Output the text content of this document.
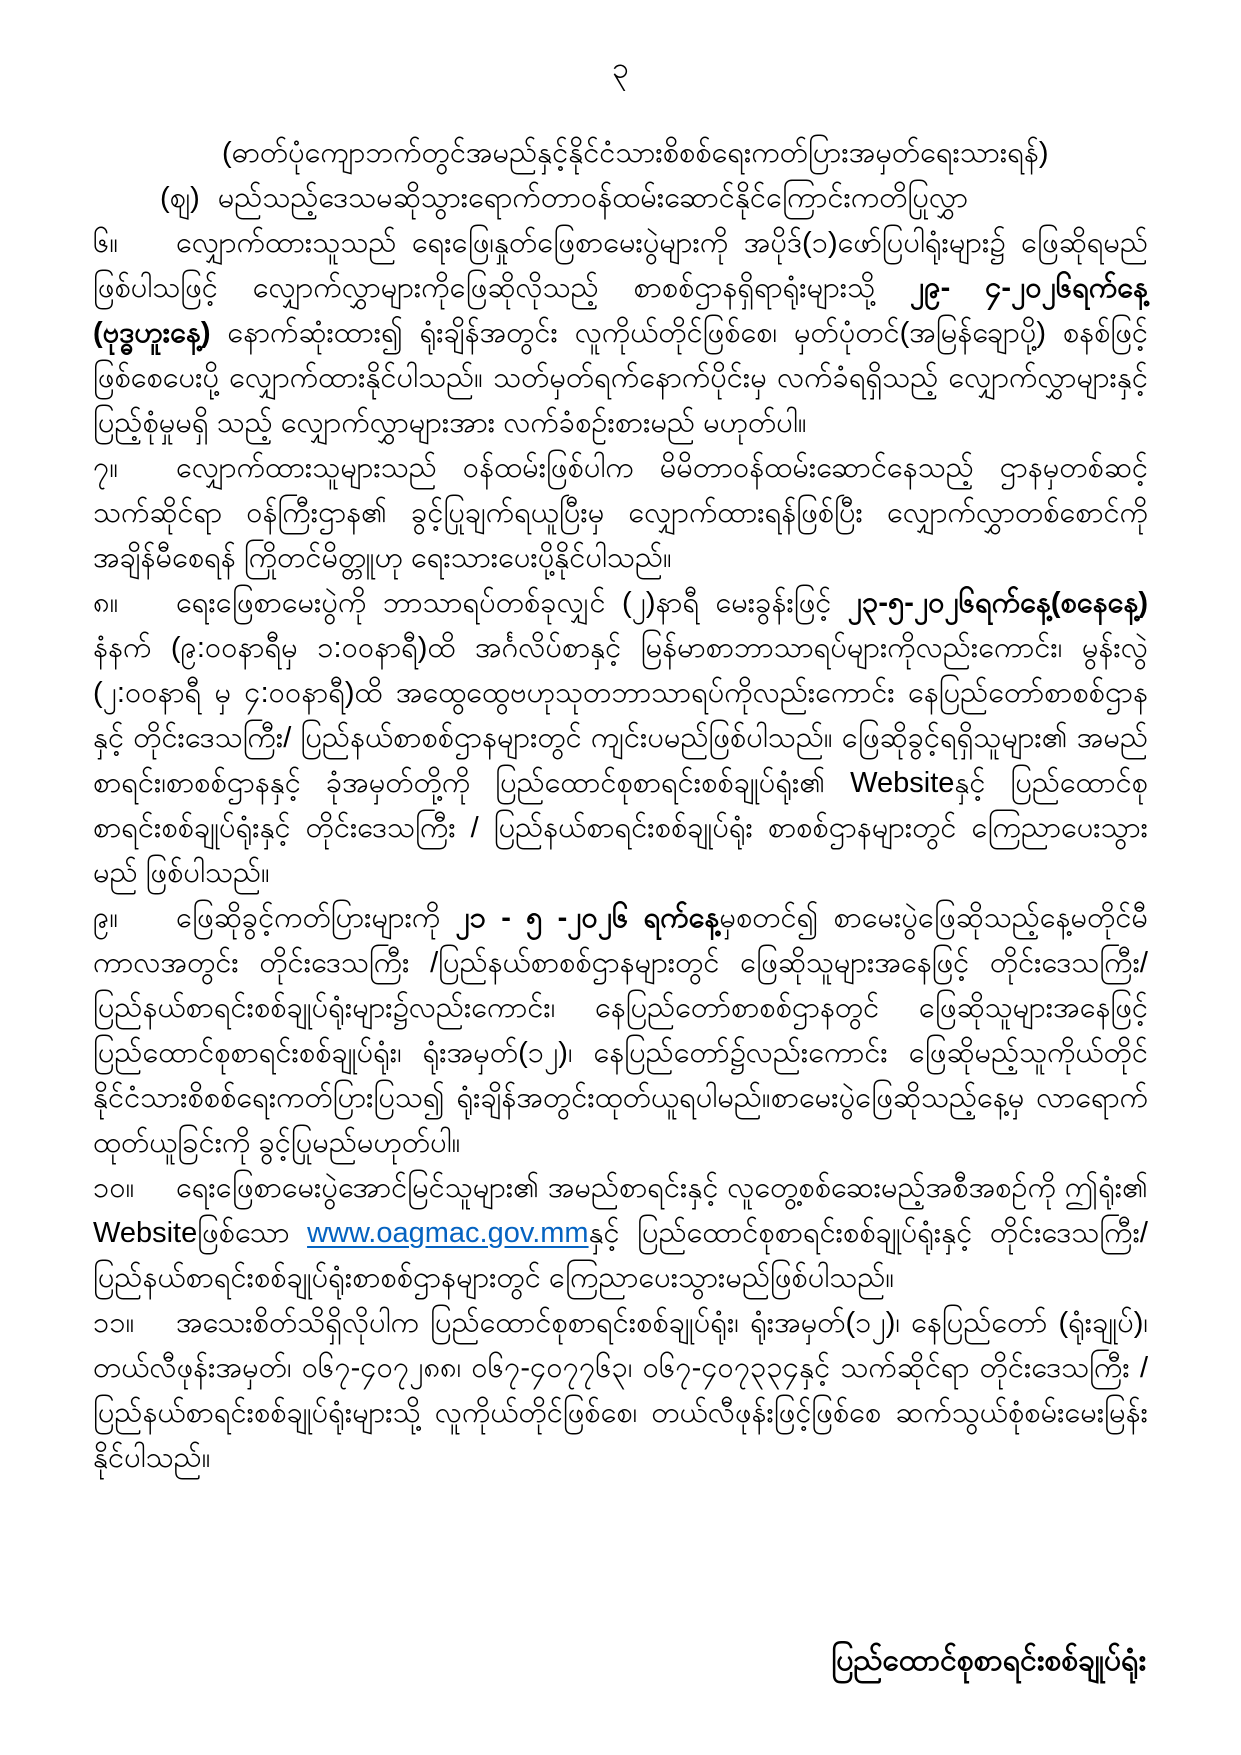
၃

(ဓာတ်ပုံကျောဘက်တွင်အမည်နှင့်နိုင်ငံသားစိစစ်ရေးကတ်ပြားအမှတ်ရေးသားရန်)

(ဈ) မည်သည့်ဒေသမဆိုသွားရောက်တာဝန်ထမ်းဆောင်နိုင်ကြောင်းကတိပြုလွှာ

၆။ လျှောက်ထားသူသည် ရေးဖြေ၊နှုတ်ဖြေစာမေးပွဲများကို အပိုဒ်(၁)ဖော်ပြပါရုံးများ၌ ဖြေဆိုရမည် ဖြစ်ပါသဖြင့် လျှောက်လွှာများကိုဖြေဆိုလိုသည့် စာစစ်ဌာနရှိရာရုံးများသို့ ၂၉- ၄-၂၀၂၆ရက်နေ့ (ဗုဒ္ဓဟူးနေ့) နောက်ဆုံးထား၍ ရုံးချိန်အတွင်း လူကိုယ်တိုင်ဖြစ်စေ၊ မှတ်ပုံတင်(အမြန်ချောပို့) စနစ်ဖြင့် ဖြစ်စေပေးပို့ လျှောက်ထားနိုင်ပါသည်။ သတ်မှတ်ရက်နောက်ပိုင်းမှ လက်ခံရရှိသည့် လျှောက်လွှာများနှင့် ပြည့်စုံမှုမရှိ သည့် လျှောက်လွှာများအား လက်ခံစဉ်းစားမည် မဟုတ်ပါ။

၇။ လျှောက်ထားသူများသည် ဝန်ထမ်းဖြစ်ပါက မိမိတာဝန်ထမ်းဆောင်နေသည့် ဌာနမှတစ်ဆင့် သက်ဆိုင်ရာ ဝန်ကြီးဌာန၏ ခွင့်ပြုချက်ရယူပြီးမှ လျှောက်ထားရန်ဖြစ်ပြီး လျှောက်လွှာတစ်စောင်ကို အချိန်မီစေရန် ကြိုတင်မိတ္တူဟု ရေးသားပေးပို့နိုင်ပါသည်။

၈။ ရေးဖြေစာမေးပွဲကို ဘာသာရပ်တစ်ခုလျှင် (၂)နာရီ မေးခွန်းဖြင့် ၂၃-၅-၂၀၂၆ရက်နေ့(စနေနေ့) နံနက် (၉:၀၀နာရီမှ ၁:၀၀နာရီ)ထိ အင်္ဂလိပ်စာနှင့် မြန်မာစာဘာသာရပ်များကိုလည်းကောင်း၊ မွန်းလွဲ (၂:၀၀နာရီ မှ ၄:၀၀နာရီ)ထိ အထွေထွေဗဟုသုတဘာသာရပ်ကိုလည်းကောင်း နေပြည်တော်စာစစ်ဌာနနှင့် တိုင်းဒေသကြီး/ ပြည်နယ်စာစစ်ဌာနများတွင် ကျင်းပမည်ဖြစ်ပါသည်။ ဖြေဆိုခွင့်ရရှိသူများ၏ အမည် စာရင်း၊စာစစ်ဌာနနှင့် ခုံအမှတ်တို့ကို ပြည်ထောင်စုစာရင်းစစ်ချုပ်ရုံး၏ Websiteနှင့် ပြည်ထောင်စု စာရင်းစစ်ချုပ်ရုံးနှင့် တိုင်းဒေသကြီး / ပြည်နယ်စာရင်းစစ်ချုပ်ရုံး စာစစ်ဌာနများတွင် ကြေညာပေးသွားမည် ဖြစ်ပါသည်။

၉။ ဖြေဆိုခွင့်ကတ်ပြားများကို ၂၁ - ၅ -၂၀၂၆ ရက်နေ့မှစတင်၍ စာမေးပွဲဖြေဆိုသည့်နေ့မတိုင်မီ ကာလအတွင်း တိုင်းဒေသကြီး /ပြည်နယ်စာစစ်ဌာနများတွင် ဖြေဆိုသူများအနေဖြင့် တိုင်းဒေသကြီး/ ပြည်နယ်စာရင်းစစ်ချုပ်ရုံးများ၌လည်းကောင်း၊ နေပြည်တော်စာစစ်ဌာနတွင် ဖြေဆိုသူများအနေဖြင့် ပြည်ထောင်စုစာရင်းစစ်ချုပ်ရုံး၊ ရုံးအမှတ်(၁၂)၊ နေပြည်တော်၌လည်းကောင်း ဖြေဆိုမည့်သူကိုယ်တိုင် နိုင်ငံသားစိစစ်ရေးကတ်ပြားပြသ၍ ရုံးချိန်အတွင်းထုတ်ယူရပါမည်။စာမေးပွဲဖြေဆိုသည့်နေ့မှ လာရောက် ထုတ်ယူခြင်းကို ခွင့်ပြုမည်မဟုတ်ပါ။

၁၀။ ရေးဖြေစာမေးပွဲအောင်မြင်သူများ၏ အမည်စာရင်းနှင့် လူတွေ့စစ်ဆေးမည့်အစီအစဉ်ကို ဤရုံး၏ Websiteဖြစ်သော www.oagmac.gov.mmနှင့် ပြည်ထောင်စုစာရင်းစစ်ချုပ်ရုံးနှင့် တိုင်းဒေသကြီး/ ပြည်နယ်စာရင်းစစ်ချုပ်ရုံးစာစစ်ဌာနများတွင် ကြေညာပေးသွားမည်ဖြစ်ပါသည်။

၁၁။ အသေးစိတ်သိရှိလိုပါက ပြည်ထောင်စုစာရင်းစစ်ချုပ်ရုံး၊ ရုံးအမှတ်(၁၂)၊ နေပြည်တော် (ရုံးချုပ်)၊ တယ်လီဖုန်းအမှတ်၊ ၀၆၇-၄၀၇၂၈၈၊ ၀၆၇-၄၀၇၇၆၃၊ ၀၆၇-၄၀၇၃၃၄နှင့် သက်ဆိုင်ရာ တိုင်းဒေသကြီး / ပြည်နယ်စာရင်းစစ်ချုပ်ရုံးများသို့ လူကိုယ်တိုင်ဖြစ်စေ၊ တယ်လီဖုန်းဖြင့်ဖြစ်စေ ဆက်သွယ်စုံစမ်းမေးမြန်း နိုင်ပါသည်။

ပြည်ထောင်စုစာရင်းစစ်ချုပ်ရုံး
